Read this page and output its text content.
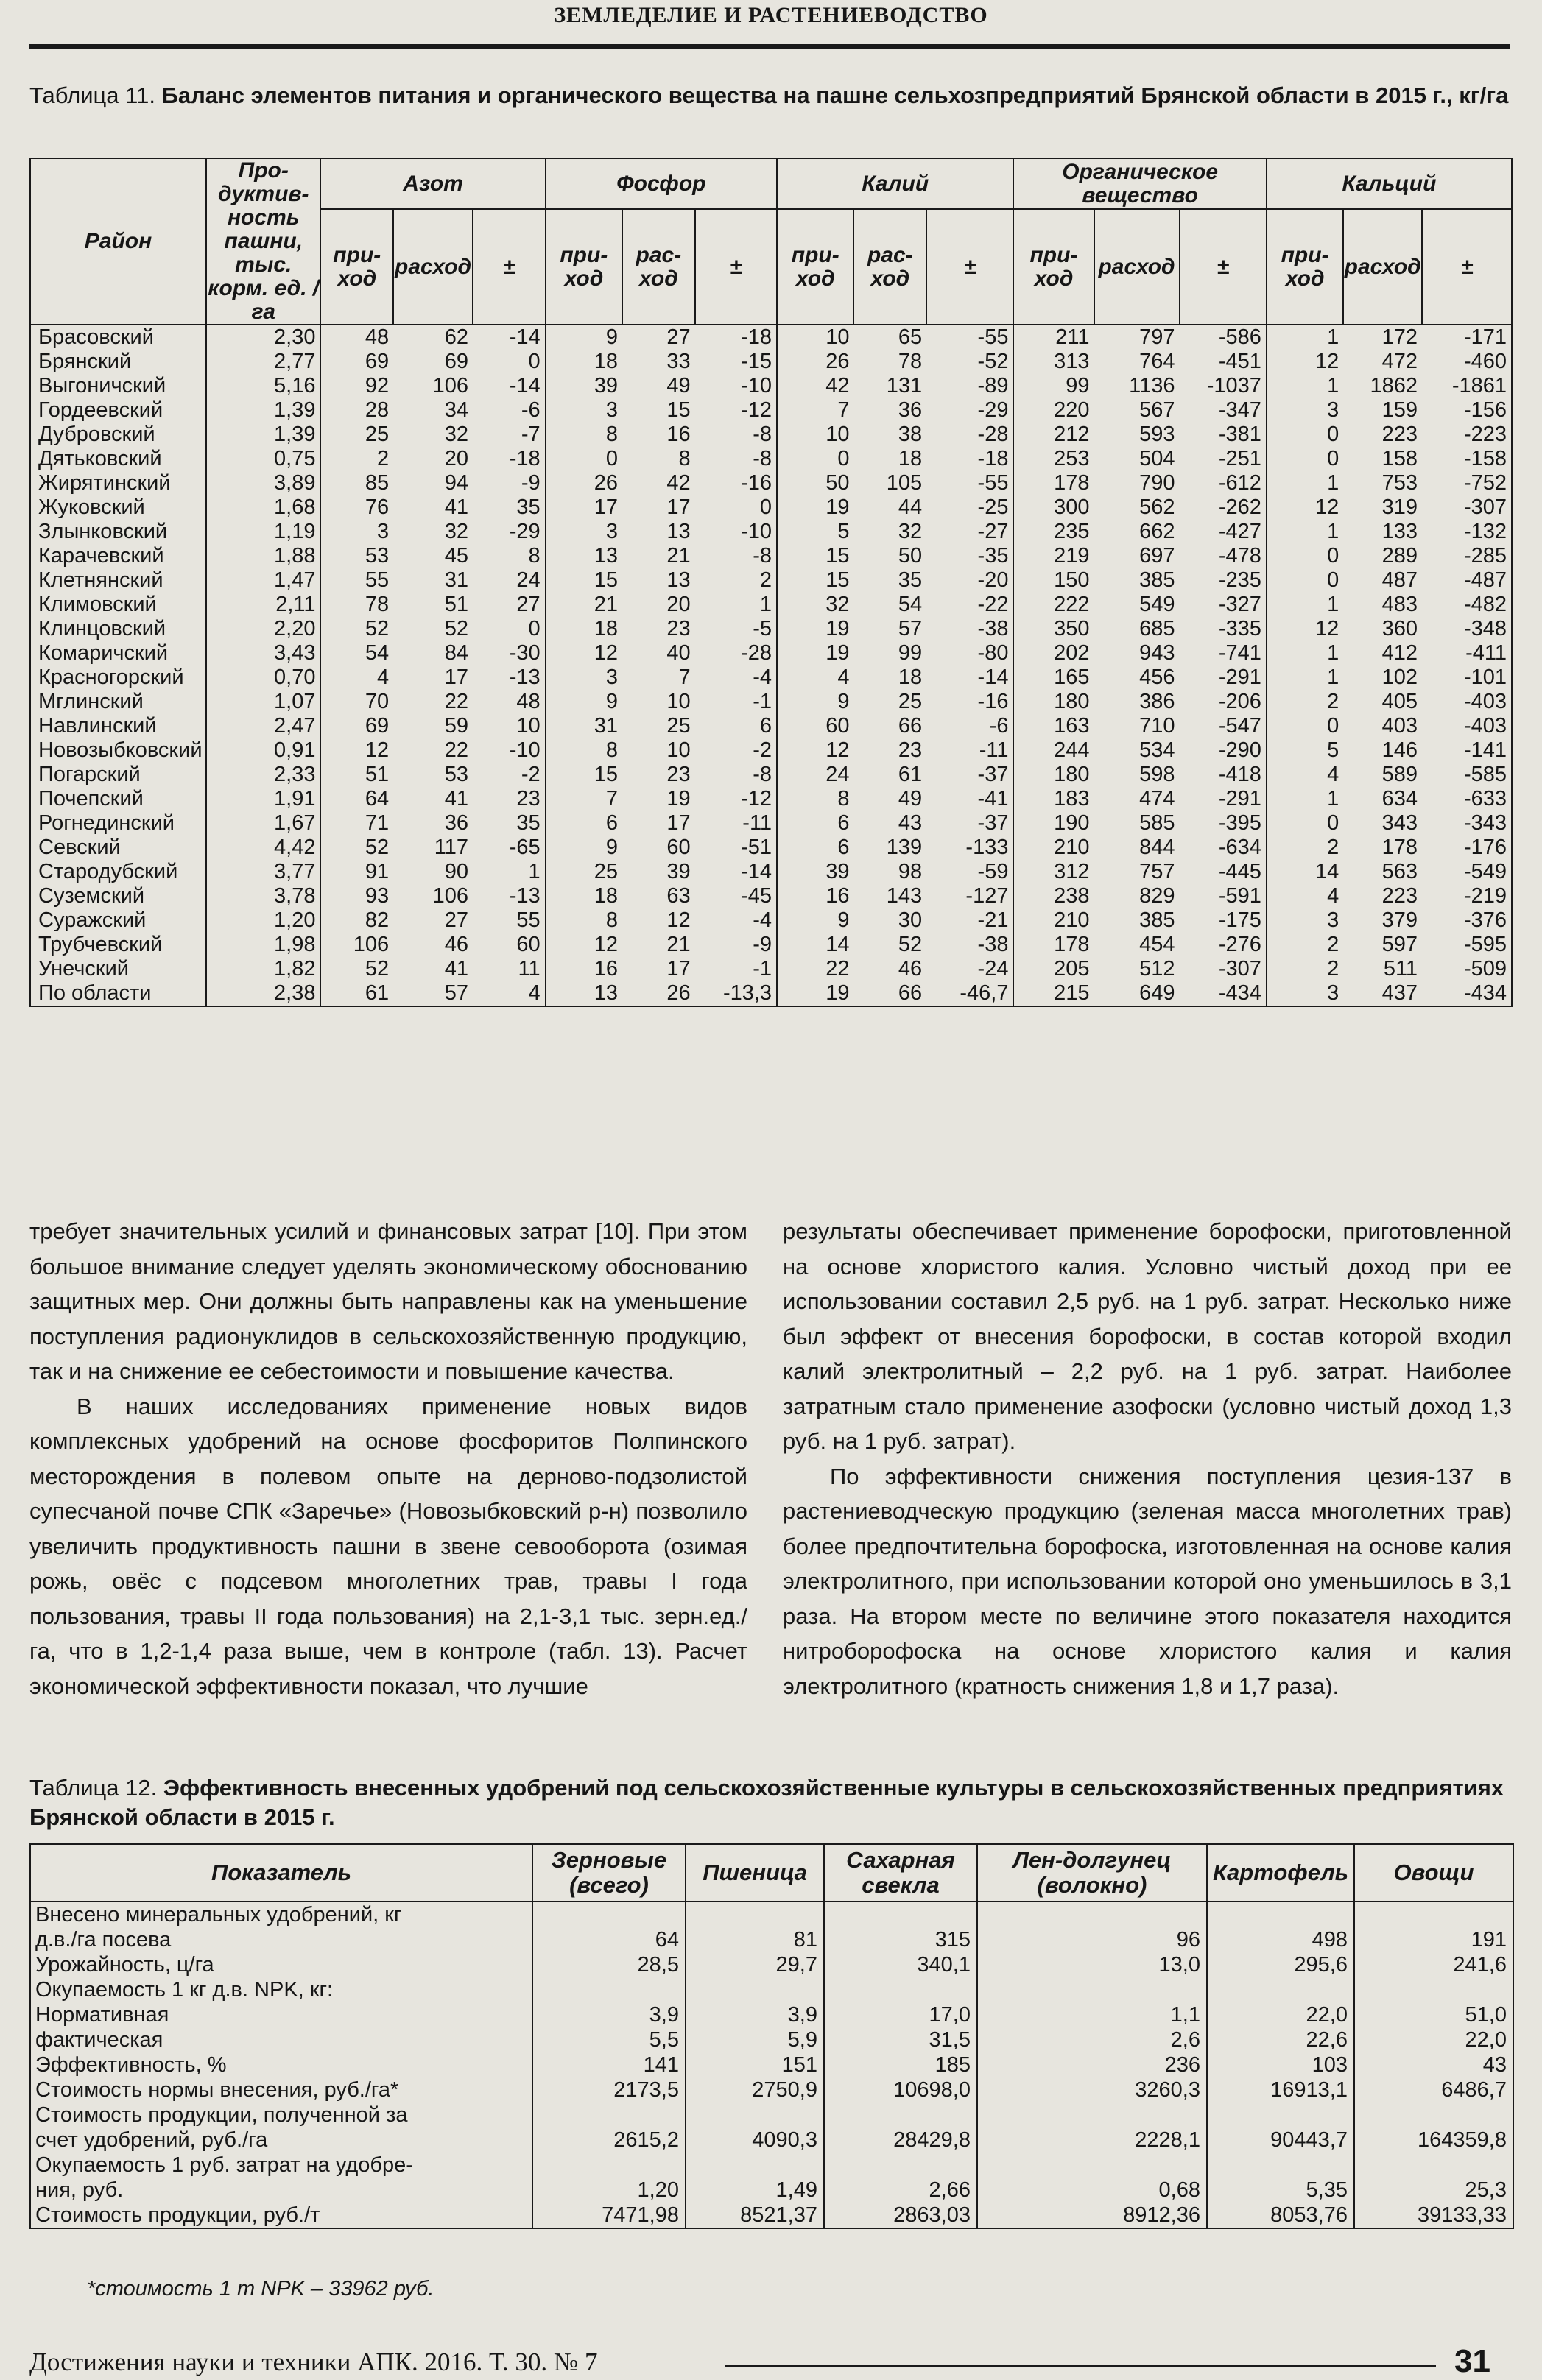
ЗЕМЛЕДЕЛИЕ И РАСТЕНИЕВОДСТВО
Таблица 11. Баланс элементов питания и органического вещества на пашне сельхозпредприятий Брянской области в 2015 г., кг/га
Район	Продуктивность пашни, тыс. корм. ед. /га	Азот			Фосфор			Калий			Органическое вещество			Кальций		
		приход	расход	±	приход	расход	±	приход	расход	±	приход	расход	±	приход	расход	±
Брасовский	2,30	48	62	-14	9	27	-18	10	65	-55	211	797	-586	1	172	-171
Брянский	2,77	69	69	0	18	33	-15	26	78	-52	313	764	-451	12	472	-460
Выгоничский	5,16	92	106	-14	39	49	-10	42	131	-89	99	1136	-1037	1	1862	-1861
Гордеевский	1,39	28	34	-6	3	15	-12	7	36	-29	220	567	-347	3	159	-156
Дубровский	1,39	25	32	-7	8	16	-8	10	38	-28	212	593	-381	0	223	-223
Дятьковский	0,75	2	20	-18	0	8	-8	0	18	-18	253	504	-251	0	158	-158
Жирятинский	3,89	85	94	-9	26	42	-16	50	105	-55	178	790	-612	1	753	-752
Жуковский	1,68	76	41	35	17	17	0	19	44	-25	300	562	-262	12	319	-307
Злынковский	1,19	3	32	-29	3	13	-10	5	32	-27	235	662	-427	1	133	-132
Карачевский	1,88	53	45	8	13	21	-8	15	50	-35	219	697	-478	0	289	-285
Клетнянский	1,47	55	31	24	15	13	2	15	35	-20	150	385	-235	0	487	-487
Климовский	2,11	78	51	27	21	20	1	32	54	-22	222	549	-327	1	483	-482
Клинцовский	2,20	52	52	0	18	23	-5	19	57	-38	350	685	-335	12	360	-348
Комаричский	3,43	54	84	-30	12	40	-28	19	99	-80	202	943	-741	1	412	-411
Красногорский	0,70	4	17	-13	3	7	-4	4	18	-14	165	456	-291	1	102	-101
Мглинский	1,07	70	22	48	9	10	-1	9	25	-16	180	386	-206	2	405	-403
Навлинский	2,47	69	59	10	31	25	6	60	66	-6	163	710	-547	0	403	-403
Новозыбковский	0,91	12	22	-10	8	10	-2	12	23	-11	244	534	-290	5	146	-141
Погарский	2,33	51	53	-2	15	23	-8	24	61	-37	180	598	-418	4	589	-585
Почепский	1,91	64	41	23	7	19	-12	8	49	-41	183	474	-291	1	634	-633
Рогнединский	1,67	71	36	35	6	17	-11	6	43	-37	190	585	-395	0	343	-343
Севский	4,42	52	117	-65	9	60	-51	6	139	-133	210	844	-634	2	178	-176
Стародубский	3,77	91	90	1	25	39	-14	39	98	-59	312	757	-445	14	563	-549
Суземский	3,78	93	106	-13	18	63	-45	16	143	-127	238	829	-591	4	223	-219
Суражский	1,20	82	27	55	8	12	-4	9	30	-21	210	385	-175	3	379	-376
Трубчевский	1,98	106	46	60	12	21	-9	14	52	-38	178	454	-276	2	597	-595
Унечский	1,82	52	41	11	16	17	-1	22	46	-24	205	512	-307	2	511	-509
По области	2,38	61	57	4	13	26	-13,3	19	66	-46,7	215	649	-434	3	437	-434

требует значительных усилий и финансовых затрат [10]. При этом большое внимание следует уделять экономическому обоснованию защитных мер. Они должны быть направлены как на уменьшение поступления радионуклидов в сельскохозяйственную продукцию, так и на снижение ее себестоимости и повышение качества.

В наших исследованиях применение новых видов комплексных удобрений на основе фосфоритов Полпинского месторождения в полевом опыте на дерново-подзолистой супесчаной почве СПК «Заречье» (Новозыбковский р-н) позволило увеличить продуктивность пашни в звене севооборота (озимая рожь, овёс с подсевом многолетних трав, травы I года пользования, травы II года пользования) на 2,1-3,1 тыс. зерн.ед./га, что в 1,2-1,4 раза выше, чем в контроле (табл. 13). Расчет экономической эффективности показал, что лучшие

результаты обеспечивает применение борофоски, приготовленной на основе хлористого калия. Условно чистый доход при ее использовании составил 2,5 руб. на 1 руб. затрат. Несколько ниже был эффект от внесения борофоски, в состав которой входил калий электролитный – 2,2 руб. на 1 руб. затрат. Наиболее затратным стало применение азофоски (условно чистый доход 1,3 руб. на 1 руб. затрат).

По эффективности снижения поступления цезия-137 в растениеводческую продукцию (зеленая масса многолетних трав) более предпочтительна борофоска, изготовленная на основе калия электролитного, при использовании которой оно уменьшилось в 3,1 раза. На втором месте по величине этого показателя находится нитроборофоска на основе хлористого калия и калия электролитного (кратность снижения 1,8 и 1,7 раза).

Таблица 12. Эффективность внесенных удобрений под сельскохозяйственные культуры в сельскохозяйственных предприятиях Брянской области в 2015 г.
Показатель	Зерновые (всего)	Пшеница	Сахарная свекла	Лен-долгунец (волокно)	Картофель	Овощи
Внесено минеральных удобрений, кг						
д.в./га посева	64	81	315	96	498	191
Урожайность, ц/га	28,5	29,7	340,1	13,0	295,6	241,6
Окупаемость 1 кг д.в. NPK, кг:						
Нормативная	3,9	3,9	17,0	1,1	22,0	51,0
фактическая	5,5	5,9	31,5	2,6	22,6	22,0
Эффективность, %	141	151	185	236	103	43
Стоимость нормы внесения, руб./га*	2173,5	2750,9	10698,0	3260,3	16913,1	6486,7
Стоимость продукции, полученной за						
счет удобрений, руб./га	2615,2	4090,3	28429,8	2228,1	90443,7	164359,8
Окупаемость 1 руб. затрат на удобре-						
ния, руб.	1,20	1,49	2,66	0,68	5,35	25,3
Стоимость продукции, руб./т	7471,98	8521,37	2863,03	8912,36	8053,76	39133,33
*стоимость 1 т NPK – 33962 руб.
Достижения науки и техники АПК. 2016. Т. 30. № 7	31
